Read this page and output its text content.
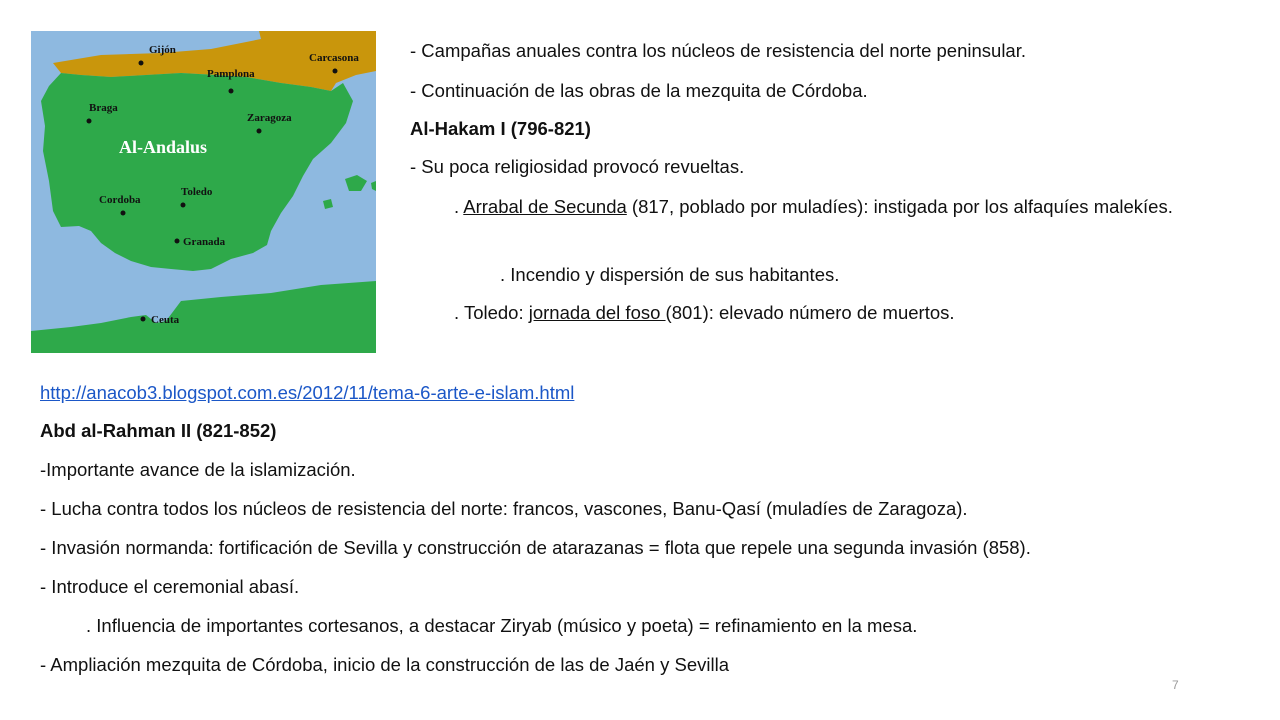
Gijón
Pamplona
Carcasona
Braga
Zaragoza
Cordoba
Toledo
Granada
Ceuta
Al-Andalus
- Campañas anuales contra los núcleos de resistencia del norte peninsular.
- Continuación de las obras de la mezquita de Córdoba.
Al-Hakam I (796-821)
- Su poca religiosidad provocó revueltas.
. Arrabal de Secunda (817, poblado por muladíes): instigada por los alfaquíes malekíes.
. Incendio y dispersión de sus habitantes.
. Toledo: jornada del foso (801): elevado número de muertos.
http://anacob3.blogspot.com.es/2012/11/tema-6-arte-e-islam.html
Abd al-Rahman II (821-852)
-Importante avance de la islamización.
- Lucha contra todos los núcleos de resistencia del norte: francos, vascones, Banu-Qasí (muladíes de Zaragoza).
- Invasión normanda: fortificación de Sevilla y construcción de atarazanas = flota que repele una segunda invasión (858).
- Introduce el ceremonial abasí.
. Influencia de importantes cortesanos, a destacar Ziryab (músico y poeta) = refinamiento en la mesa.
- Ampliación mezquita de Córdoba, inicio de la construcción de las de Jaén y Sevilla
7
